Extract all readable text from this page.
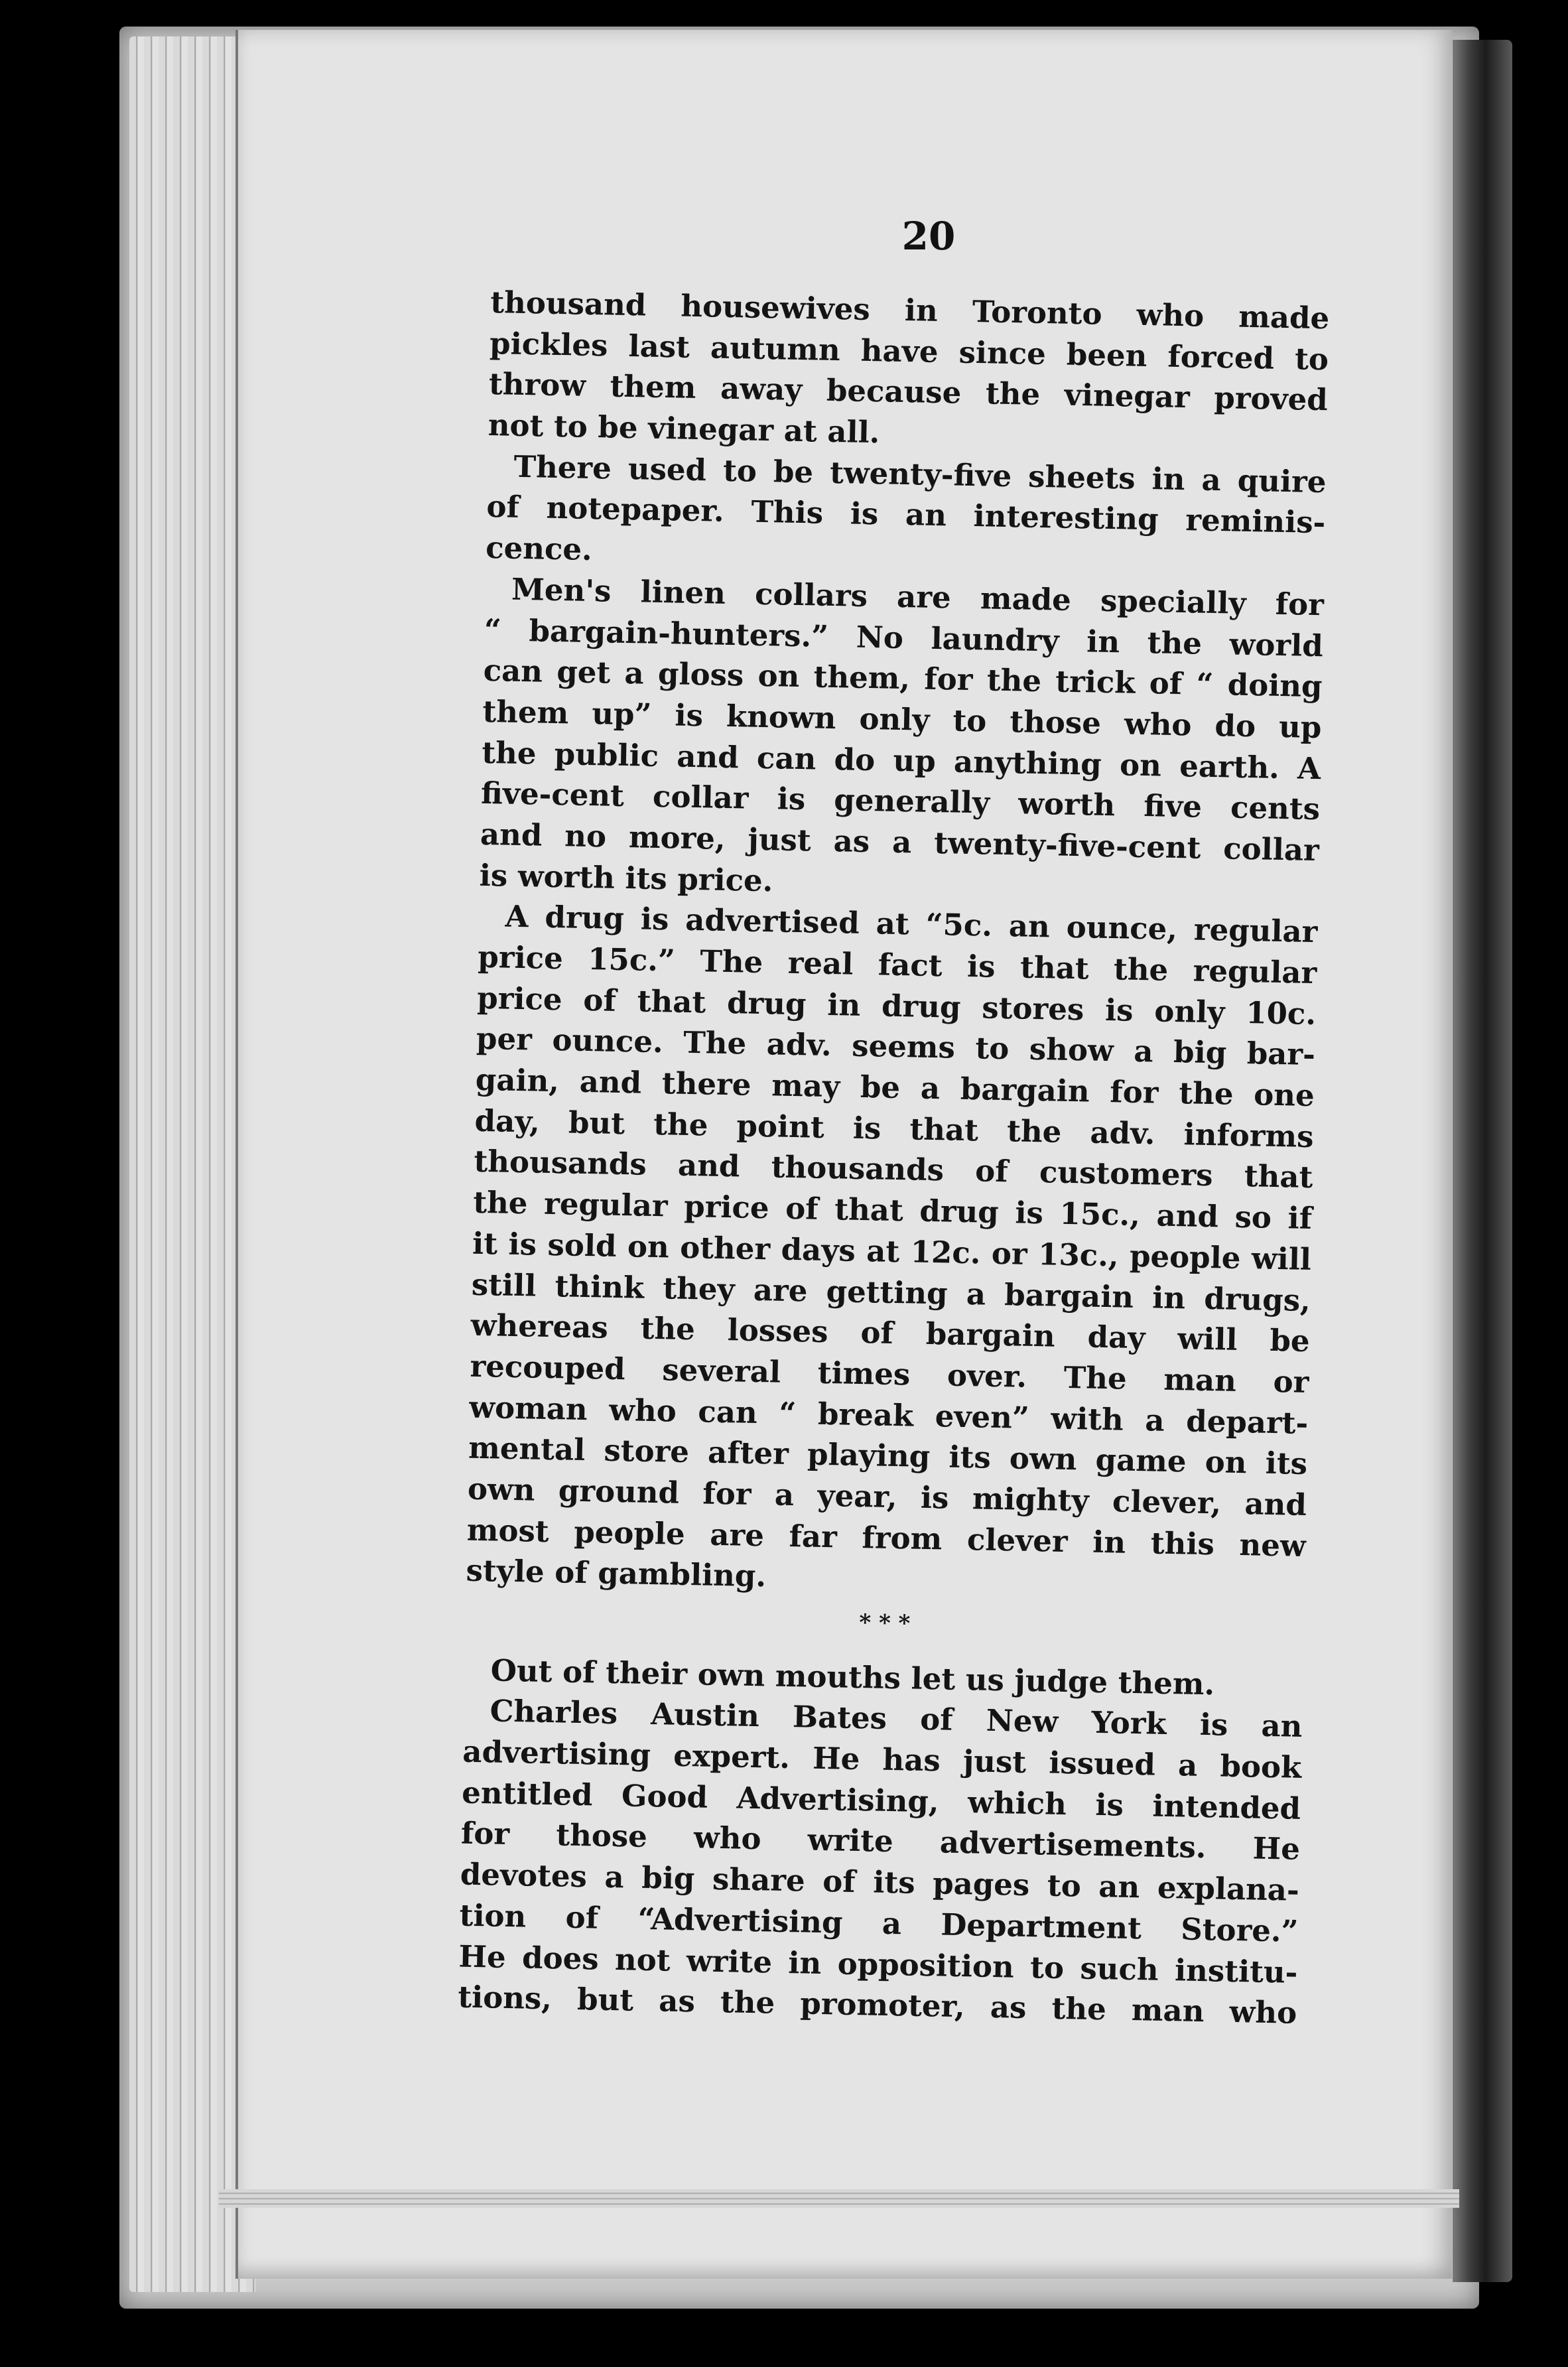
20
thousand housewives in Toronto who made
pickles last autumn have since been forced to
throw them away because the vinegar proved
not to be vinegar at all.
There used to be twenty-five sheets in a quire
of notepaper. This is an interesting reminis-
cence.
Men's linen collars are made specially for
“ bargain-hunters.” No laundry in the world
can get a gloss on them, for the trick of “ doing
them up” is known only to those who do up
the public and can do up anything on earth. A
five-cent collar is generally worth five cents
and no more, just as a twenty-five-cent collar
is worth its price.
A drug is advertised at “5c. an ounce, regular
price 15c.” The real fact is that the regular
price of that drug in drug stores is only 10c.
per ounce. The adv. seems to show a big bar-
gain, and there may be a bargain for the one
day, but the point is that the adv. informs
thousands and thousands of customers that
the regular price of that drug is 15c., and so if
it is sold on other days at 12c. or 13c., people will
still think they are getting a bargain in drugs,
whereas the losses of bargain day will be
recouped several times over. The man or
woman who can “ break even” with a depart-
mental store after playing its own game on its
own ground for a year, is mighty clever, and
most people are far from clever in this new
style of gambling.
* * *
Out of their own mouths let us judge them.
Charles Austin Bates of New York is an
advertising expert. He has just issued a book
entitled Good Advertising, which is intended
for those who write advertisements. He
devotes a big share of its pages to an explana-
tion of “Advertising a Department Store.”
He does not write in opposition to such institu-
tions, but as the promoter, as the man who
